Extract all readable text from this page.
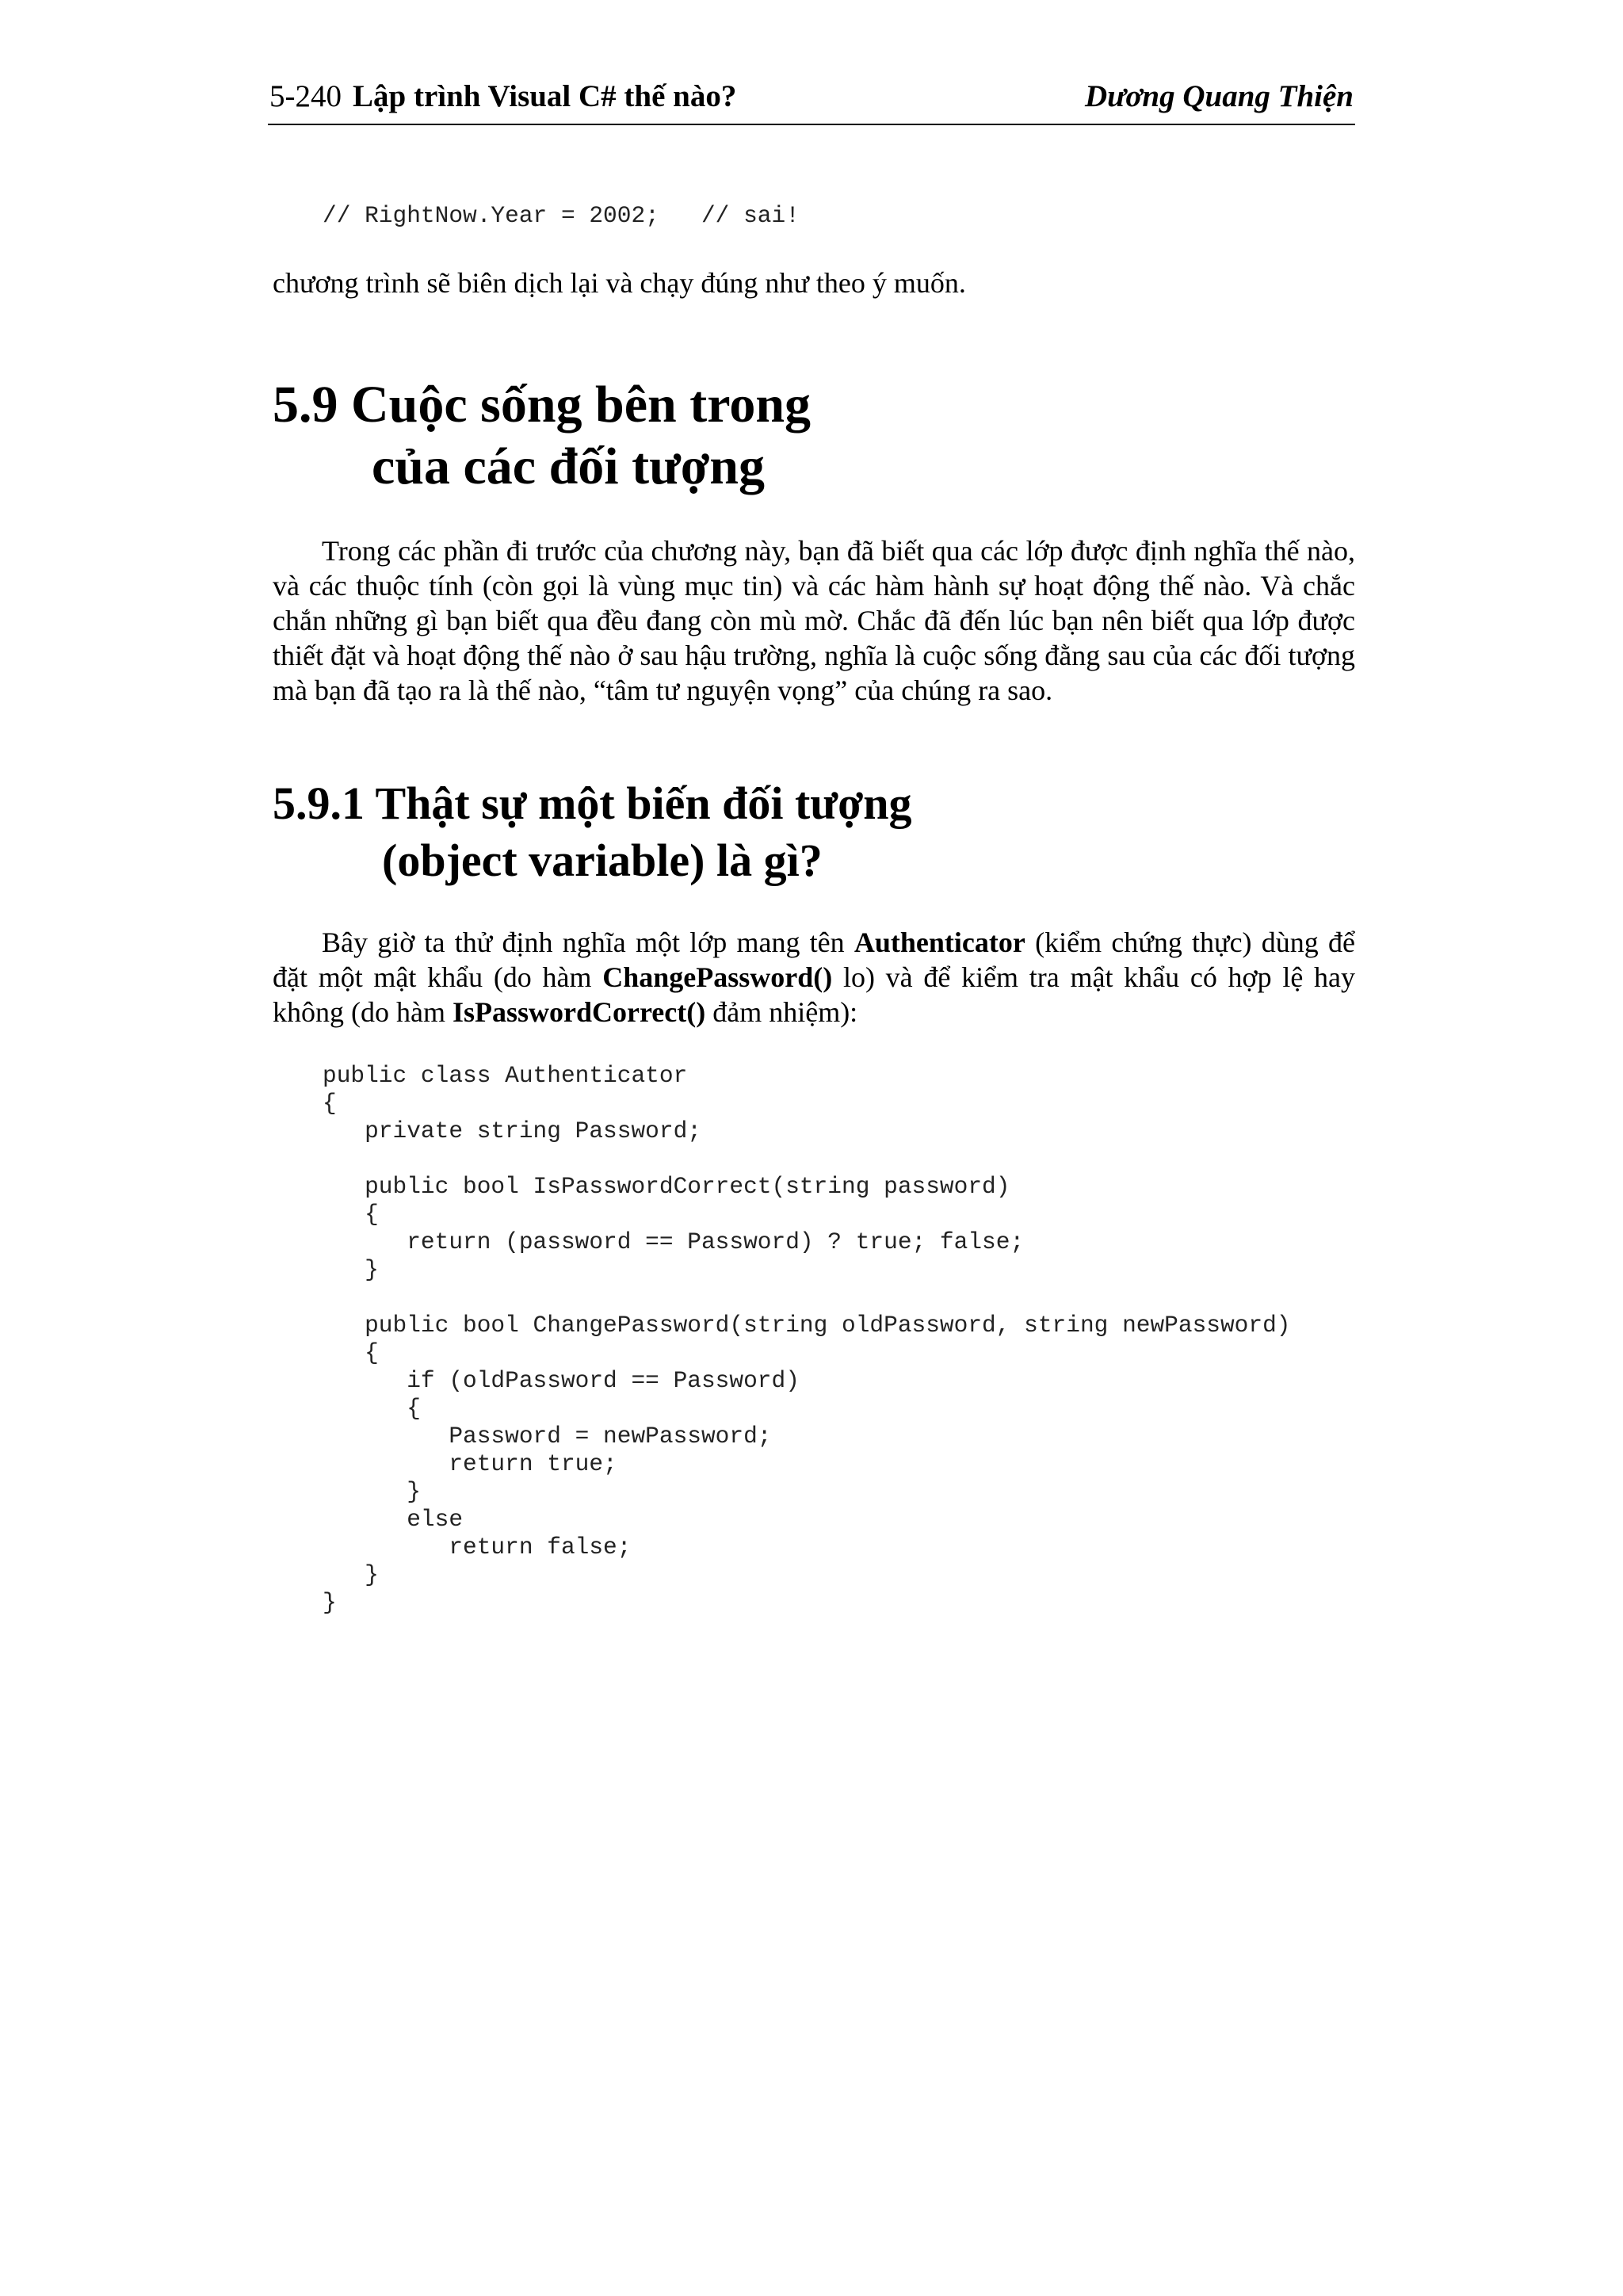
5-240 Lập trình Visual C# thế nào?	Dương Quang Thiện
// RightNow.Year = 2002;   // sai!

chương trình sẽ biên dịch lại và chạy đúng như theo ý muốn.

5.9 Cuộc sống bên trong
của các đối tượng

Trong các phần đi trước của chương này, bạn đã biết qua các lớp được định nghĩa thế nào, và các thuộc tính (còn gọi là vùng mục tin) và các hàm hành sự hoạt động thế nào. Và chắc chắn những gì bạn biết qua đều đang còn mù mờ. Chắc đã đến lúc bạn nên biết qua lớp được thiết đặt và hoạt động thế nào ở sau hậu trường, nghĩa là cuộc sống đằng sau của các đối tượng mà bạn đã tạo ra là thế nào, “tâm tư nguyện vọng” của chúng ra sao.

5.9.1 Thật sự một biến đối tượng
(object variable) là gì?

Bây giờ ta thử định nghĩa một lớp mang tên Authenticator (kiểm chứng thực) dùng để đặt một mật khẩu (do hàm ChangePassword() lo) và để kiểm tra mật khẩu có hợp lệ hay không (do hàm IsPasswordCorrect() đảm nhiệm):

public class Authenticator
{
private string Password;

public bool IsPasswordCorrect(string password)
{
return (password == Password) ? true; false;
}

public bool ChangePassword(string oldPassword, string newPassword)
{
if (oldPassword == Password)
{
Password = newPassword;
return true;
}
else
return false;
}
}
